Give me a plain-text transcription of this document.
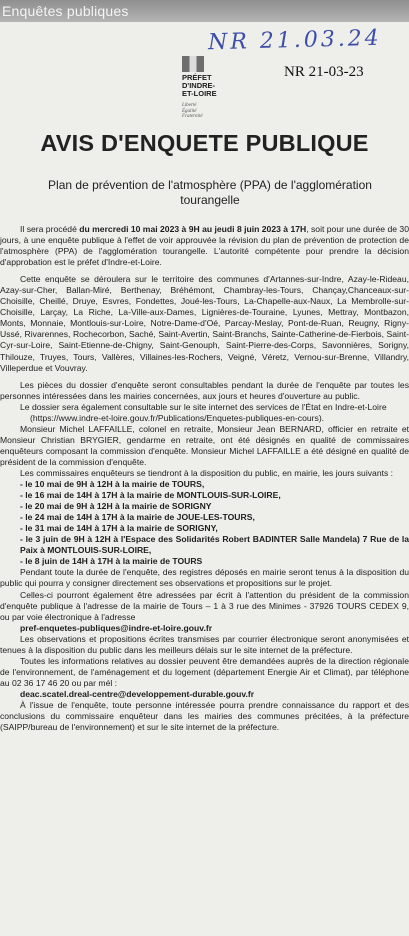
Enquêtes publiques
NR 21.03.24
PRÉFET
D'INDRE-
ET-LOIRE
Liberté Égalité Fraternité
NR 21-03-23
AVIS D'ENQUETE PUBLIQUE
Plan de prévention de l'atmosphère (PPA) de l'agglomération tourangelle

Il sera procédé du mercredi 10 mai 2023 à 9H au jeudi 8 juin 2023 à 17H, soit pour une durée de 30 jours, à une enquête publique à l'effet de voir approuvée la révision du plan de prévention de protection de l'atmosphère (PPA) de l'agglomération tourangelle. L'autorité compétente pour prendre la décision d'approbation est le préfet d'Indre-et-Loire.

Cette enquête se déroulera sur le territoire des communes d'Artannes-sur-Indre, Azay-le-Rideau, Azay-sur-Cher, Ballan-Miré, Berthenay, Bréhémont, Chambray-les-Tours, Chançay,Chanceaux-sur-Choisille, Cheillé, Druye, Esvres, Fondettes, Joué-les-Tours, La-Chapelle-aux-Naux, La Membrolle-sur-Choisille, Larçay, La Riche, La-Ville-aux-Dames, Lignières-de-Touraine, Lyunes, Mettray, Montbazon, Monts, Monnaie, Montlouis-sur-Loire, Notre-Dame-d'Oé, Parcay-Meslay, Pont-de-Ruan, Reugny, Rigny-Ussé, Rivarennes, Rochecorbon, Saché, Saint-Avertin, Saint-Branchs, Sainte-Catherine-de-Fierbois, Saint-Cyr-sur-Loire, Saint-Etienne-de-Chigny, Saint-Genouph, Saint-Pierre-des-Corps, Savonnières, Sorigny, Thilouze, Truyes, Tours, Vallères, Villaines-les-Rochers, Veigné, Véretz, Vernou-sur-Brenne, Villandry, Villeperdue et Vouvray.

Les pièces du dossier d'enquête seront consultables pendant la durée de l'enquête par toutes les personnes intéressées dans les mairies concernées, aux jours et heures d'ouverture au public.

Le dossier sera également consultable sur le site internet des services de l'État en Indre-et-Loire

(https://www.indre-et-loire.gouv.fr/Publications/Enquetes-publiques-en-cours).

Monsieur Michel LAFFAILLE, colonel en retraite, Monsieur Jean BERNARD, officier en retraite et Monsieur Christian BRYGIER, gendarme en retraite, ont été désignés en qualité de commissaires enquêteurs composant la commission d'enquête. Monsieur Michel LAFFAILLE a été désigné en qualité de président de la commission d'enquête.

Les commissaires enquêteurs se tiendront à la disposition du public, en mairie, les jours suivants :

- le 10 mai de 9H à 12H à la mairie de TOURS,

- le 16 mai de 14H à 17H à la mairie de MONTLOUIS-SUR-LOIRE,

- le 20 mai de 9H à 12H à la mairie de SORIGNY

- le 24 mai de 14H à 17H à la mairie de JOUE-LES-TOURS,

- le 31 mai de 14H à 17H à la mairie de SORIGNY,

- le 3 juin de 9H à 12H à l'Espace des Solidarités Robert BADINTER Salle Mandela) 7 Rue de la Paix à MONTLOUIS-SUR-LOIRE,

- le 8 juin de 14H à 17H à la mairie de TOURS

Pendant toute la durée de l'enquête, des registres déposés en mairie seront tenus à la disposition du public qui pourra y consigner directement ses observations et propositions sur le projet.

Celles-ci pourront également être adressées par écrit à l'attention du président de la commission d'enquête publique à l'adresse de la mairie de Tours – 1 à 3 rue des Minimes - 37926 TOURS CEDEX 9, ou par voie électronique à l'adresse

pref-enquetes-publiques@indre-et-loire.gouv.fr

Les observations et propositions écrites transmises par courrier électronique seront anonymisées et tenues à la disposition du public dans les meilleurs délais sur le site internet de la préfecture.

Toutes les informations relatives au dossier peuvent être demandées auprès de la direction régionale de l'environnement, de l'aménagement et du logement (département Energie Air et Climat), par téléphone au 02 36 17 46 20 ou par mél :

deac.scatel.dreal-centre@developpement-durable.gouv.fr

À l'issue de l'enquête, toute personne intéressée pourra prendre connaissance du rapport et des conclusions du commissaire enquêteur dans les mairies des communes précitées, à la préfecture (SAIPP/bureau de l'environnement) et sur le site internet de la préfecture.
